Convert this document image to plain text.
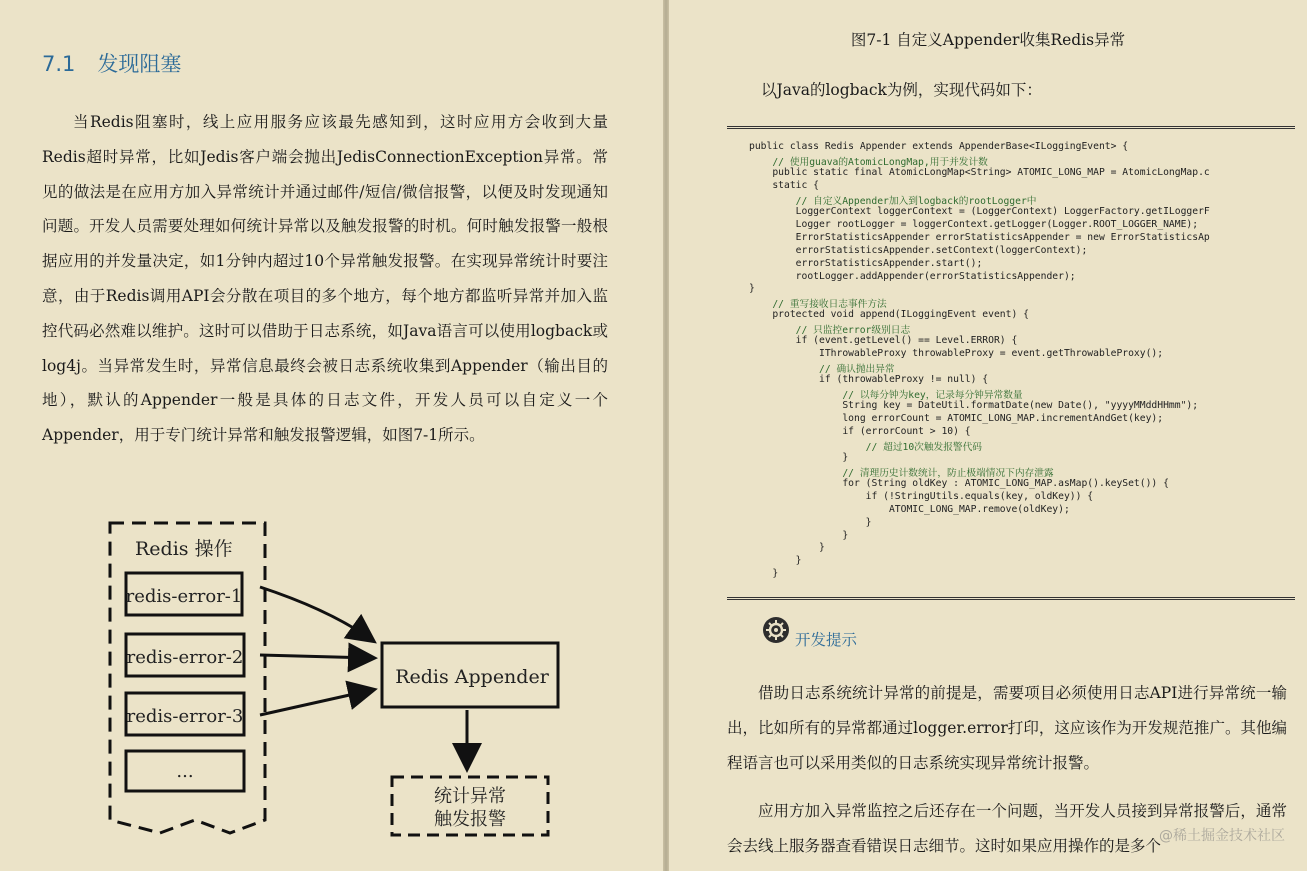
7.1 发现阻塞

当Redis阻塞时，线上应用服务应该最先感知到，这时应用方会收到大量Redis超时异常，比如Jedis客户端会抛出JedisConnectionException异常。常见的做法是在应用方加入异常统计并通过邮件/短信/微信报警，以便及时发现通知问题。开发人员需要处理如何统计异常以及触发报警的时机。何时触发报警一般根据应用的并发量决定，如1分钟内超过10个异常触发报警。在实现异常统计时要注意，由于Redis调用API会分散在项目的多个地方，每个地方都监听异常并加入监控代码必然难以维护。这时可以借助于日志系统，如Java语言可以使用logback或log4j。当异常发生时，异常信息最终会被日志系统收集到Appender（输出目的地），默认的Appender一般是具体的日志文件，开发人员可以自定义一个Appender，用于专门统计异常和触发报警逻辑，如图7-1所示。

Redis 操作
redis-error-1
redis-error-2
redis-error-3
...
Redis Appender
统计异常
触发报警
图7-1 自定义Appender收集Redis异常
以Java的logback为例，实现代码如下：
public class Redis Appender extends AppenderBase<ILoggingEvent> {
// 使用guava的AtomicLongMap,用于并发计数
public static final AtomicLongMap<String> ATOMIC_LONG_MAP = AtomicLongMap.c
static {
// 自定义Appender加入到logback的rootLogger中
LoggerContext loggerContext = (LoggerContext) LoggerFactory.getILoggerF
Logger rootLogger = loggerContext.getLogger(Logger.ROOT_LOGGER_NAME);
ErrorStatisticsAppender errorStatisticsAppender = new ErrorStatisticsAp
errorStatisticsAppender.setContext(loggerContext);
errorStatisticsAppender.start();
rootLogger.addAppender(errorStatisticsAppender);
}
// 重写接收日志事件方法
protected void append(ILoggingEvent event) {
// 只监控error级别日志
if (event.getLevel() == Level.ERROR) {
IThrowableProxy throwableProxy = event.getThrowableProxy();
// 确认抛出异常
if (throwableProxy != null) {
// 以每分钟为key，记录每分钟异常数量
String key = DateUtil.formatDate(new Date(), "yyyyMMddHHmm");
long errorCount = ATOMIC_LONG_MAP.incrementAndGet(key);
if (errorCount > 10) {
// 超过10次触发报警代码
}
// 清理历史计数统计，防止极端情况下内存泄露
for (String oldKey : ATOMIC_LONG_MAP.asMap().keySet()) {
if (!StringUtils.equals(key, oldKey)) {
ATOMIC_LONG_MAP.remove(oldKey);
}
}
}
}
}
开发提示

借助日志系统统计异常的前提是，需要项目必须使用日志API进行异常统一输出，比如所有的异常都通过logger.error打印，这应该作为开发规范推广。其他编程语言也可以采用类似的日志系统实现异常统计报警。

应用方加入异常监控之后还存在一个问题，当开发人员接到异常报警后，通常会去线上服务器查看错误日志细节。这时如果应用操作的是多个

@稀土掘金技术社区
